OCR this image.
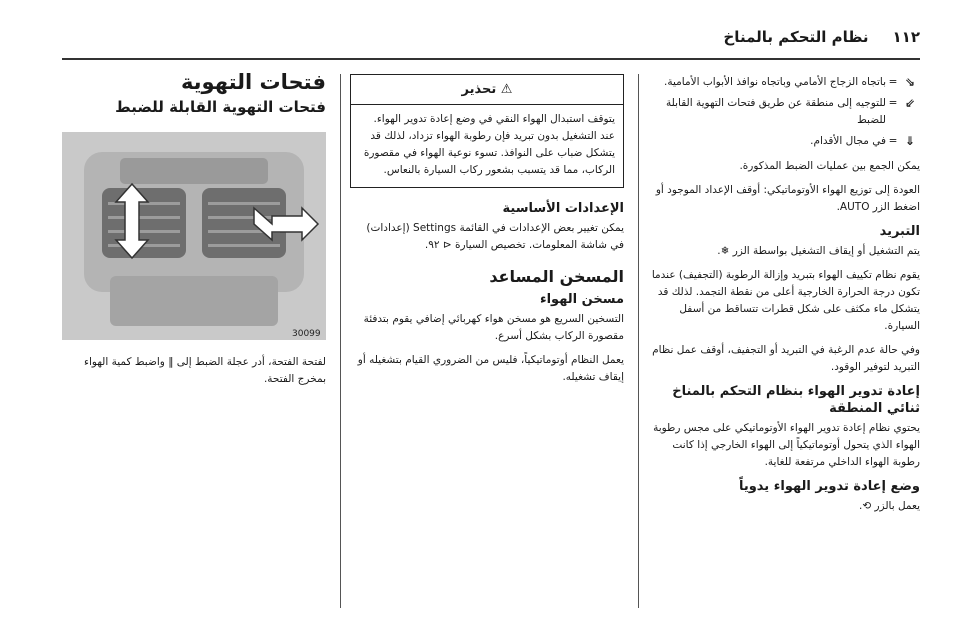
١١٢
نظام التحكم بالمناخ
⇘
=
باتجاه الزجاج الأمامي وباتجاه نوافذ الأبواب الأمامية.
⇙
=
للتوجيه إلى منطقة عن طريق فتحات التهوية القابلة للضبط
⇓
=
في مجال الأقدام.

يمكن الجمع بين عمليات الضبط المذكورة.

العودة إلى توزيع الهواء الأوتوماتيكي: أوقف الإعداد الموجود أو اضغط الزر AUTO.

التبريد

يتم التشغيل أو إيقاف التشغيل بواسطة الزر ❄.

يقوم نظام تكييف الهواء بتبريد وإزالة الرطوبة (التجفيف) عندما تكون درجة الحرارة الخارجية أعلى من نقطة التجمد. لذلك قد يتشكل ماء مكثف على شكل قطرات تتساقط من أسفل السيارة.

وفي حالة عدم الرغبة في التبريد أو التجفيف، أوقف عمل نظام التبريد لتوفير الوقود.

إعادة تدوير الهواء بنظام التحكم بالمناخ ثنائي المنطقة

يحتوي نظام إعادة تدوير الهواء الأوتوماتيكي على مجس رطوبة الهواء الذي يتحول أوتوماتيكياً إلى الهواء الخارجي إذا كانت رطوبة الهواء الداخلي مرتفعة للغاية.

وضع إعادة تدوير الهواء يدوياً

يعمل بالزر ⟲.

⚠ تحذير
يتوقف استبدال الهواء النقي في وضع إعادة تدوير الهواء. عند التشغيل بدون تبريد فإن رطوبة الهواء تزداد، لذلك قد يتشكل ضباب على النوافذ. تسوء نوعية الهواء في مقصورة الركاب، مما قد يتسبب بشعور ركاب السيارة بالنعاس.
الإعدادات الأساسية

يمكن تغيير بعض الإعدادات في القائمة Settings (إعدادات) في شاشة المعلومات. تخصيص السيارة ⊲ ٩٢.

المسخن المساعد
مسخن الهواء

التسخين السريع هو مسخن هواء كهربائي إضافي يقوم بتدفئة مقصورة الركاب بشكل أسرع.

يعمل النظام أوتوماتيكياً، فليس من الضروري القيام بتشغيله أو إيقاف تشغيله.

فتحات التهوية
فتحات التهوية القابلة للضبط
30099

لفتحة الفتحة، أدر عجلة الضبط إلى ‖ واضبط كمية الهواء بمخرج الفتحة.
